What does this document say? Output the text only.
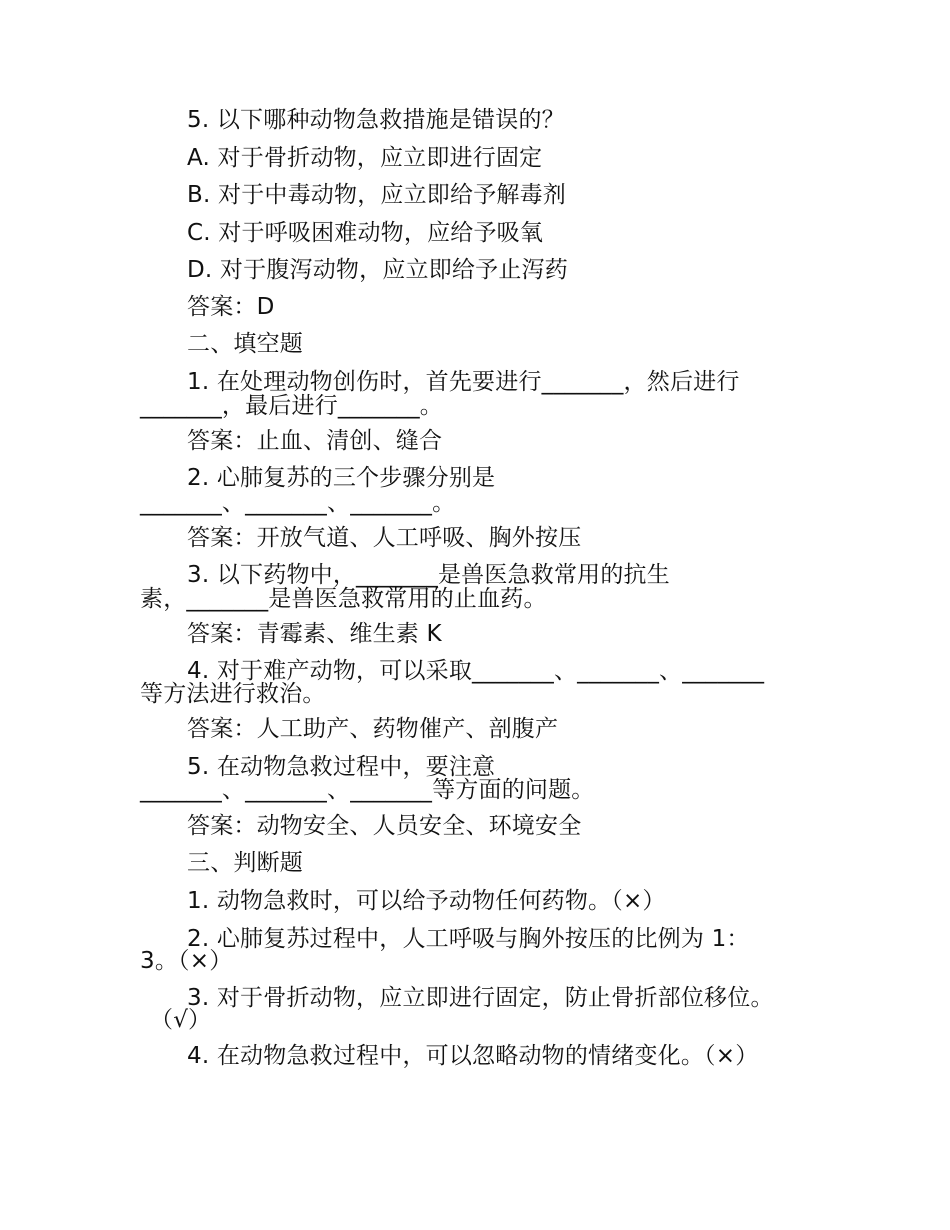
5. 以下哪种动物急救措施是错误的？
A. 对于骨折动物，应立即进行固定
B. 对于中毒动物，应立即给予解毒剂
C. 对于呼吸困难动物，应给予吸氧
D. 对于腹泻动物，应立即给予止泻药
答案：D
二、填空题
1. 在处理动物创伤时，首先要进行_______，然后进行
_______，最后进行_______。
答案：止血、清创、缝合
2. 心肺复苏的三个步骤分别是
_______、_______、_______。
答案：开放气道、人工呼吸、胸外按压
3. 以下药物中，_______是兽医急救常用的抗生
素，_______是兽医急救常用的止血药。
答案：青霉素、维生素 K
4. 对于难产动物，可以采取_______、_______、_______
等方法进行救治。
答案：人工助产、药物催产、剖腹产
5. 在动物急救过程中，要注意
_______、_______、_______等方面的问题。
答案：动物安全、人员安全、环境安全
三、判断题
1. 动物急救时，可以给予动物任何药物。（×）
2. 心肺复苏过程中，人工呼吸与胸外按压的比例为 1：
3。（×）
3. 对于骨折动物，应立即进行固定，防止骨折部位移位。
（√）
4. 在动物急救过程中，可以忽略动物的情绪变化。（×）
